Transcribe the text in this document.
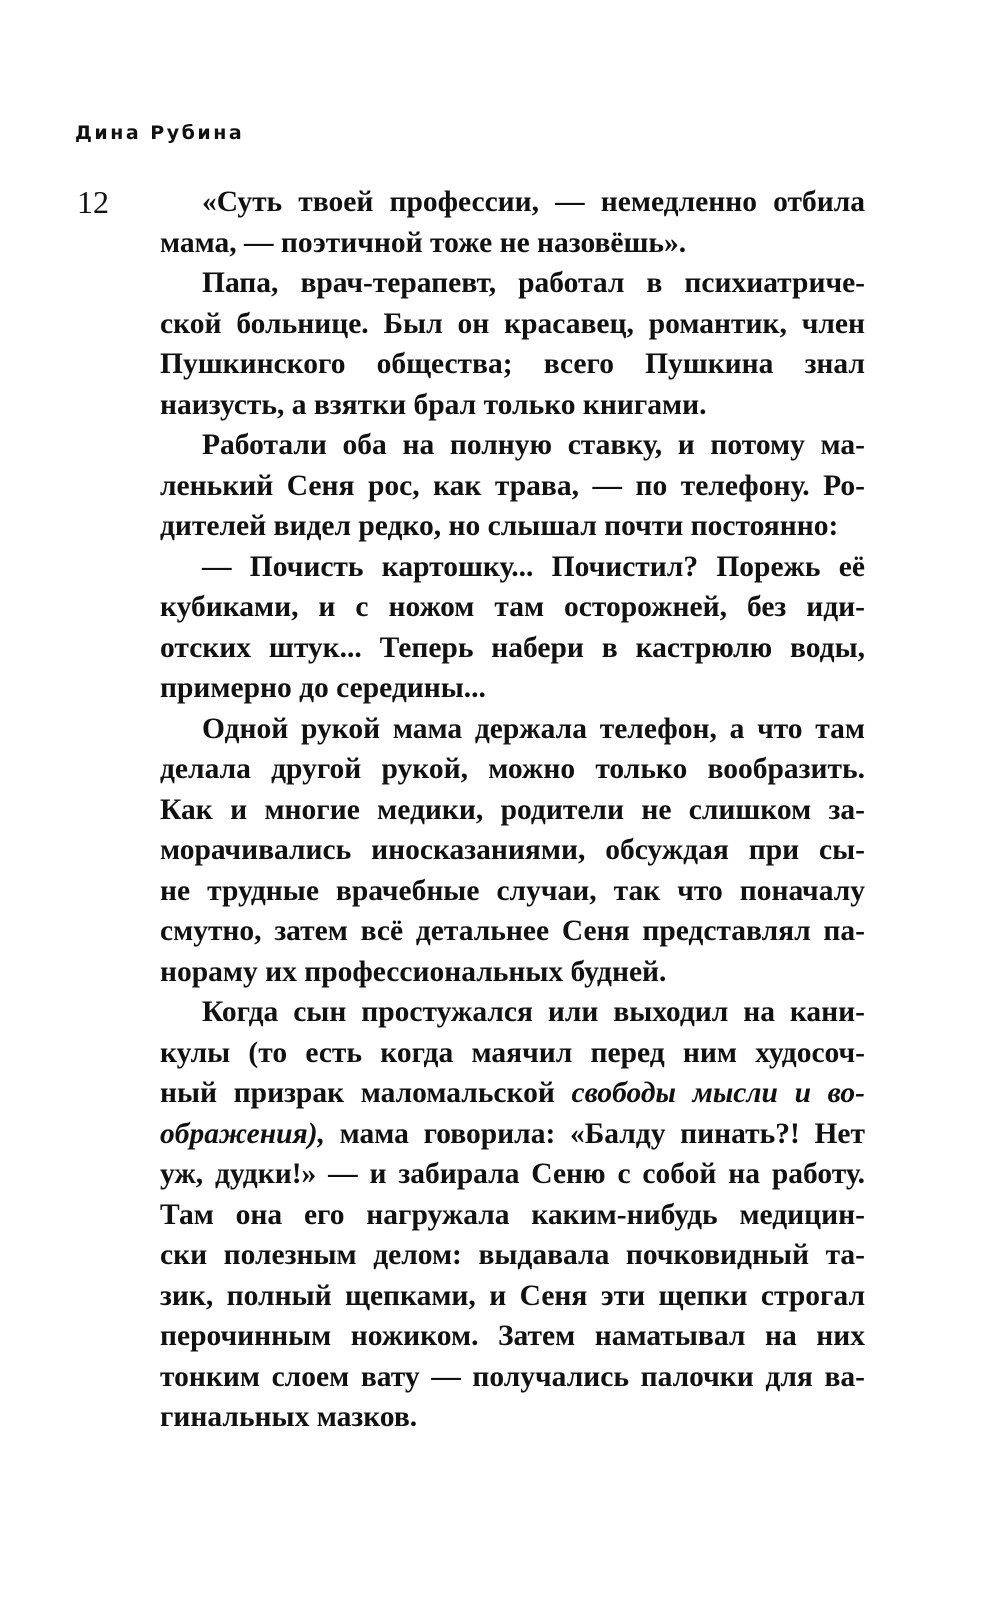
Дина Рубина
12	«Суть твоей профессии, — немедленно отбила
мама, — поэтичной тоже не назовёшь».
Папа, врач-терапевт, работал в психиатриче-
ской больнице. Был он красавец, романтик, член
Пушкинского общества; всего Пушкина знал
наизусть, а взятки брал только книгами.
Работали оба на полную ставку, и потому ма-
ленький Сеня рос, как трава, — по телефону. Ро-
дителей видел редко, но слышал почти постоянно:
— Почисть картошку... Почистил? Порежь её
кубиками, и с ножом там осторожней, без иди-
отских штук... Теперь набери в кастрюлю воды,
примерно до середины...
Одной рукой мама держала телефон, а что там
делала другой рукой, можно только вообразить.
Как и многие медики, родители не слишком за-
морачивались иносказаниями, обсуждая при сы-
не трудные врачебные случаи, так что поначалу
смутно, затем всё детальнее Сеня представлял па-
нораму их профессиональных будней.
Когда сын простужался или выходил на кани-
кулы (то есть когда маячил перед ним худосоч-
ный призрак маломальской свободы мысли и во-
ображения), мама говорила: «Балду пинать?! Нет
уж, дудки!» — и забирала Сеню с собой на работу.
Там она его нагружала каким-нибудь медицин-
ски полезным делом: выдавала почковидный та-
зик, полный щепками, и Сеня эти щепки строгал
перочинным ножиком. Затем наматывал на них
тонким слоем вату — получались палочки для ва-
гинальных мазков.
